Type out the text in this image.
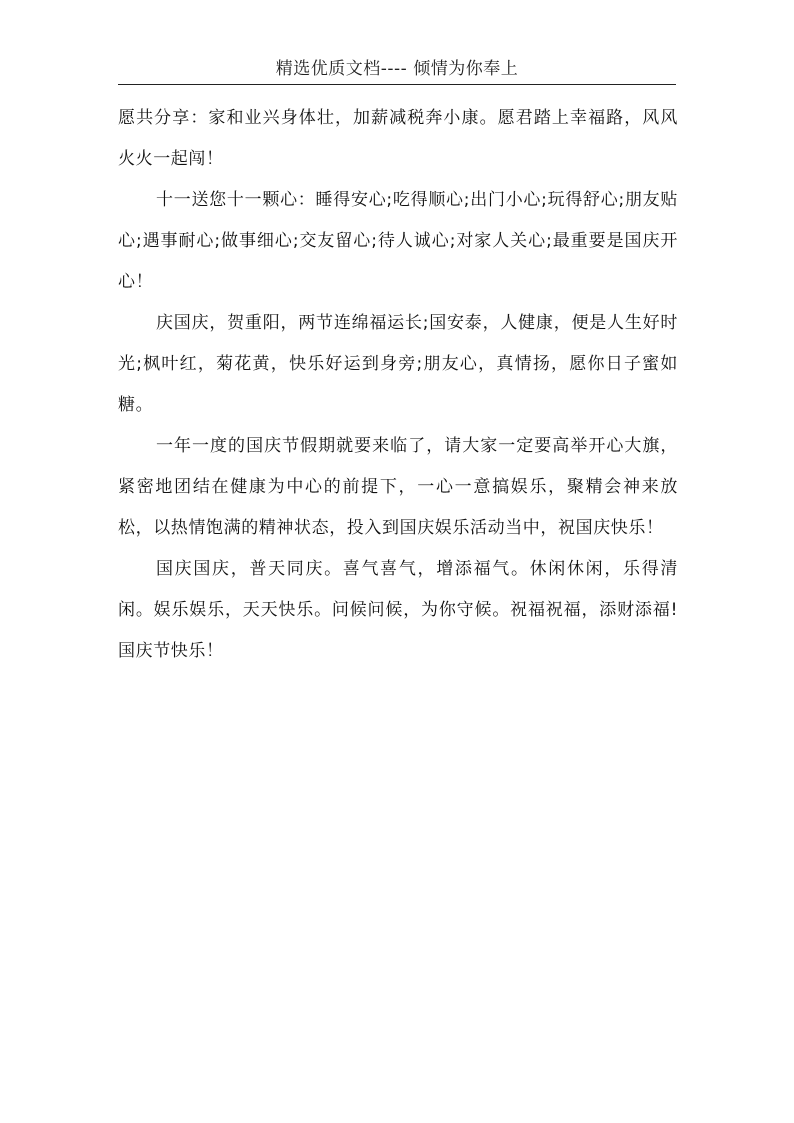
精选优质文档---- 倾情为你奉上

愿共分享：家和业兴身体壮，加薪减税奔小康。愿君踏上幸福路，风风火火一起闯！

十一送您十一颗心：睡得安心;吃得顺心;出门小心;玩得舒心;朋友贴心;遇事耐心;做事细心;交友留心;待人诚心;对家人关心;最重要是国庆开心！

庆国庆，贺重阳，两节连绵福运长;国安泰，人健康，便是人生好时光;枫叶红，菊花黄，快乐好运到身旁;朋友心，真情扬，愿你日子蜜如糖。

一年一度的国庆节假期就要来临了，请大家一定要高举开心大旗，紧密地团结在健康为中心的前提下，一心一意搞娱乐，聚精会神来放松，以热情饱满的精神状态，投入到国庆娱乐活动当中，祝国庆快乐！

国庆国庆，普天同庆。喜气喜气，增添福气。休闲休闲，乐得清闲。娱乐娱乐，天天快乐。问候问候，为你守候。祝福祝福，添财添福!国庆节快乐！
